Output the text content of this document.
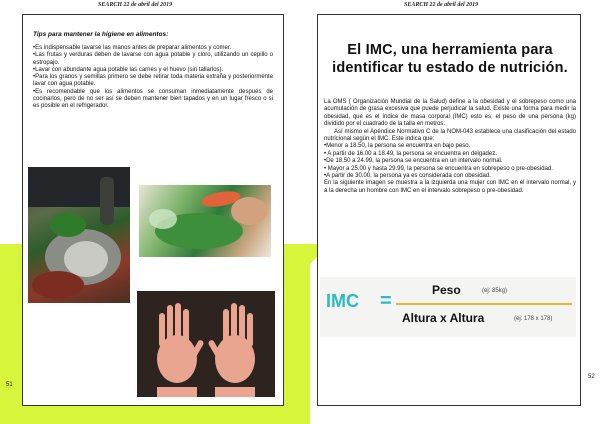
SEARCH 22 de abril del 2019	SEARCH 22 de abril del 2019
Tips para mantener la higiene en alimentos:
•Es indispensable lavarse las manos antes de preparar alimentos y comer.
•Las frutas y verduras deben de lavarse con agua potable y cloro, utilizando un cepillo o estropajo.
•Lavar con abundante agua potable las carnes y el huevo (sin tallarlos).
•Para los granos y semillas primero se debe retirar toda materia extraña y posteriormente lavar con agua potable.
•Es recomendable que los alimentos se consuman inmediatamente después de cocinarlos, pero de no ser así se deben mantener bien tapados y en un lugar fresco o si es posible en el refrigerador.
51
El IMC, una herramienta para identificar tu estado de nutrición.

La OMS ( Organización Mundial de la Salud) define a la obesidad y el sobrepeso como una acumulación de grasa excesiva que puede perjudicar la salud. Existe una forma para medir la obesidad, que es el índice de masa corporal (IMC) esto es; el peso de una persona (kg) dividido por el cuadrado de la talla en metros.

Así mismo el Apéndice Normativo C de la NOM-043 establece una clasificación del estado nutricional según el IMC. Este indica que:

•Menor a 18.50, la persona se encuentra en bajo peso.
• A partir de 16.00 a 18.49, la persona se encuentra en delgadez.
•De 18.50 a 24.99, la persona se encuentra en un intervalo normal.
• Mayor a 25.00 y hasta 29.99, la persona se encuentra en sobrepeso o pre-obesidad.
•A partir de 30.00, la persona ya es considerada con obesidad.

En la siguiente imagen se muestra a la izquierda una mujer con IMC en el intervalo normal, y a la derecha un hombre con IMC en el intervalo sobrepeso o pre-obesidad.

IMC =	Peso	(ej: 85kg)
Altura x Altura	(ej: 178 x 178)
52
